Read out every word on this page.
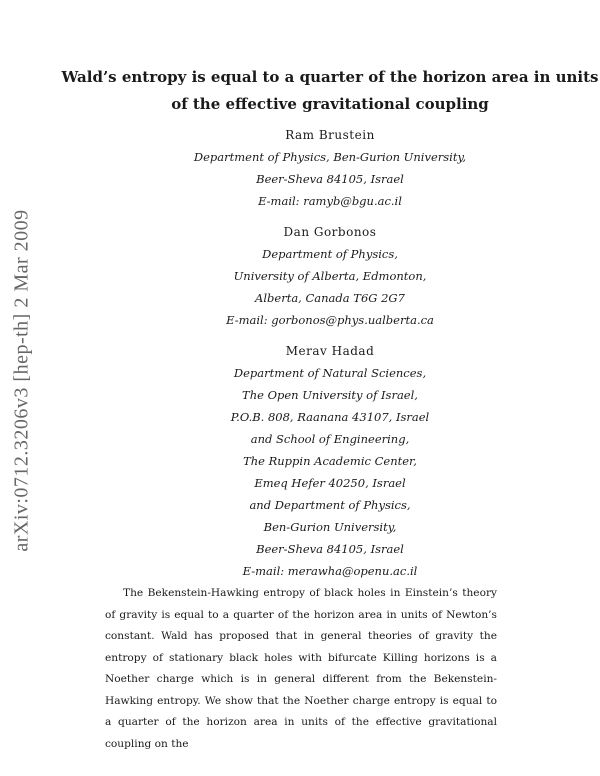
arXiv:0712.3206v3 [hep-th] 2 Mar 2009
Wald’s entropy is equal to a quarter of the horizon area in units
of the effective gravitational coupling
Ram Brustein
Department of Physics, Ben-Gurion University,
Beer-Sheva 84105, Israel
E-mail: ramyb@bgu.ac.il
Dan Gorbonos
Department of Physics,
University of Alberta, Edmonton,
Alberta, Canada T6G 2G7
E-mail: gorbonos@phys.ualberta.ca
Merav Hadad
Department of Natural Sciences,
The Open University of Israel,
P.O.B. 808, Raanana 43107, Israel
and School of Engineering,
The Ruppin Academic Center,
Emeq Hefer 40250, Israel
and Department of Physics,
Ben-Gurion University,
Beer-Sheva 84105, Israel
E-mail: merawha@openu.ac.il

The Bekenstein-Hawking entropy of black holes in Einstein’s theory of gravity is equal to a quarter of the horizon area in units of Newton’s constant. Wald has proposed that in general theories of gravity the entropy of stationary black holes with bifurcate Killing horizons is a Noether charge which is in general different from the Bekenstein-Hawking entropy. We show that the Noether charge entropy is equal to a quarter of the horizon area in units of the effective gravitational coupling on the
